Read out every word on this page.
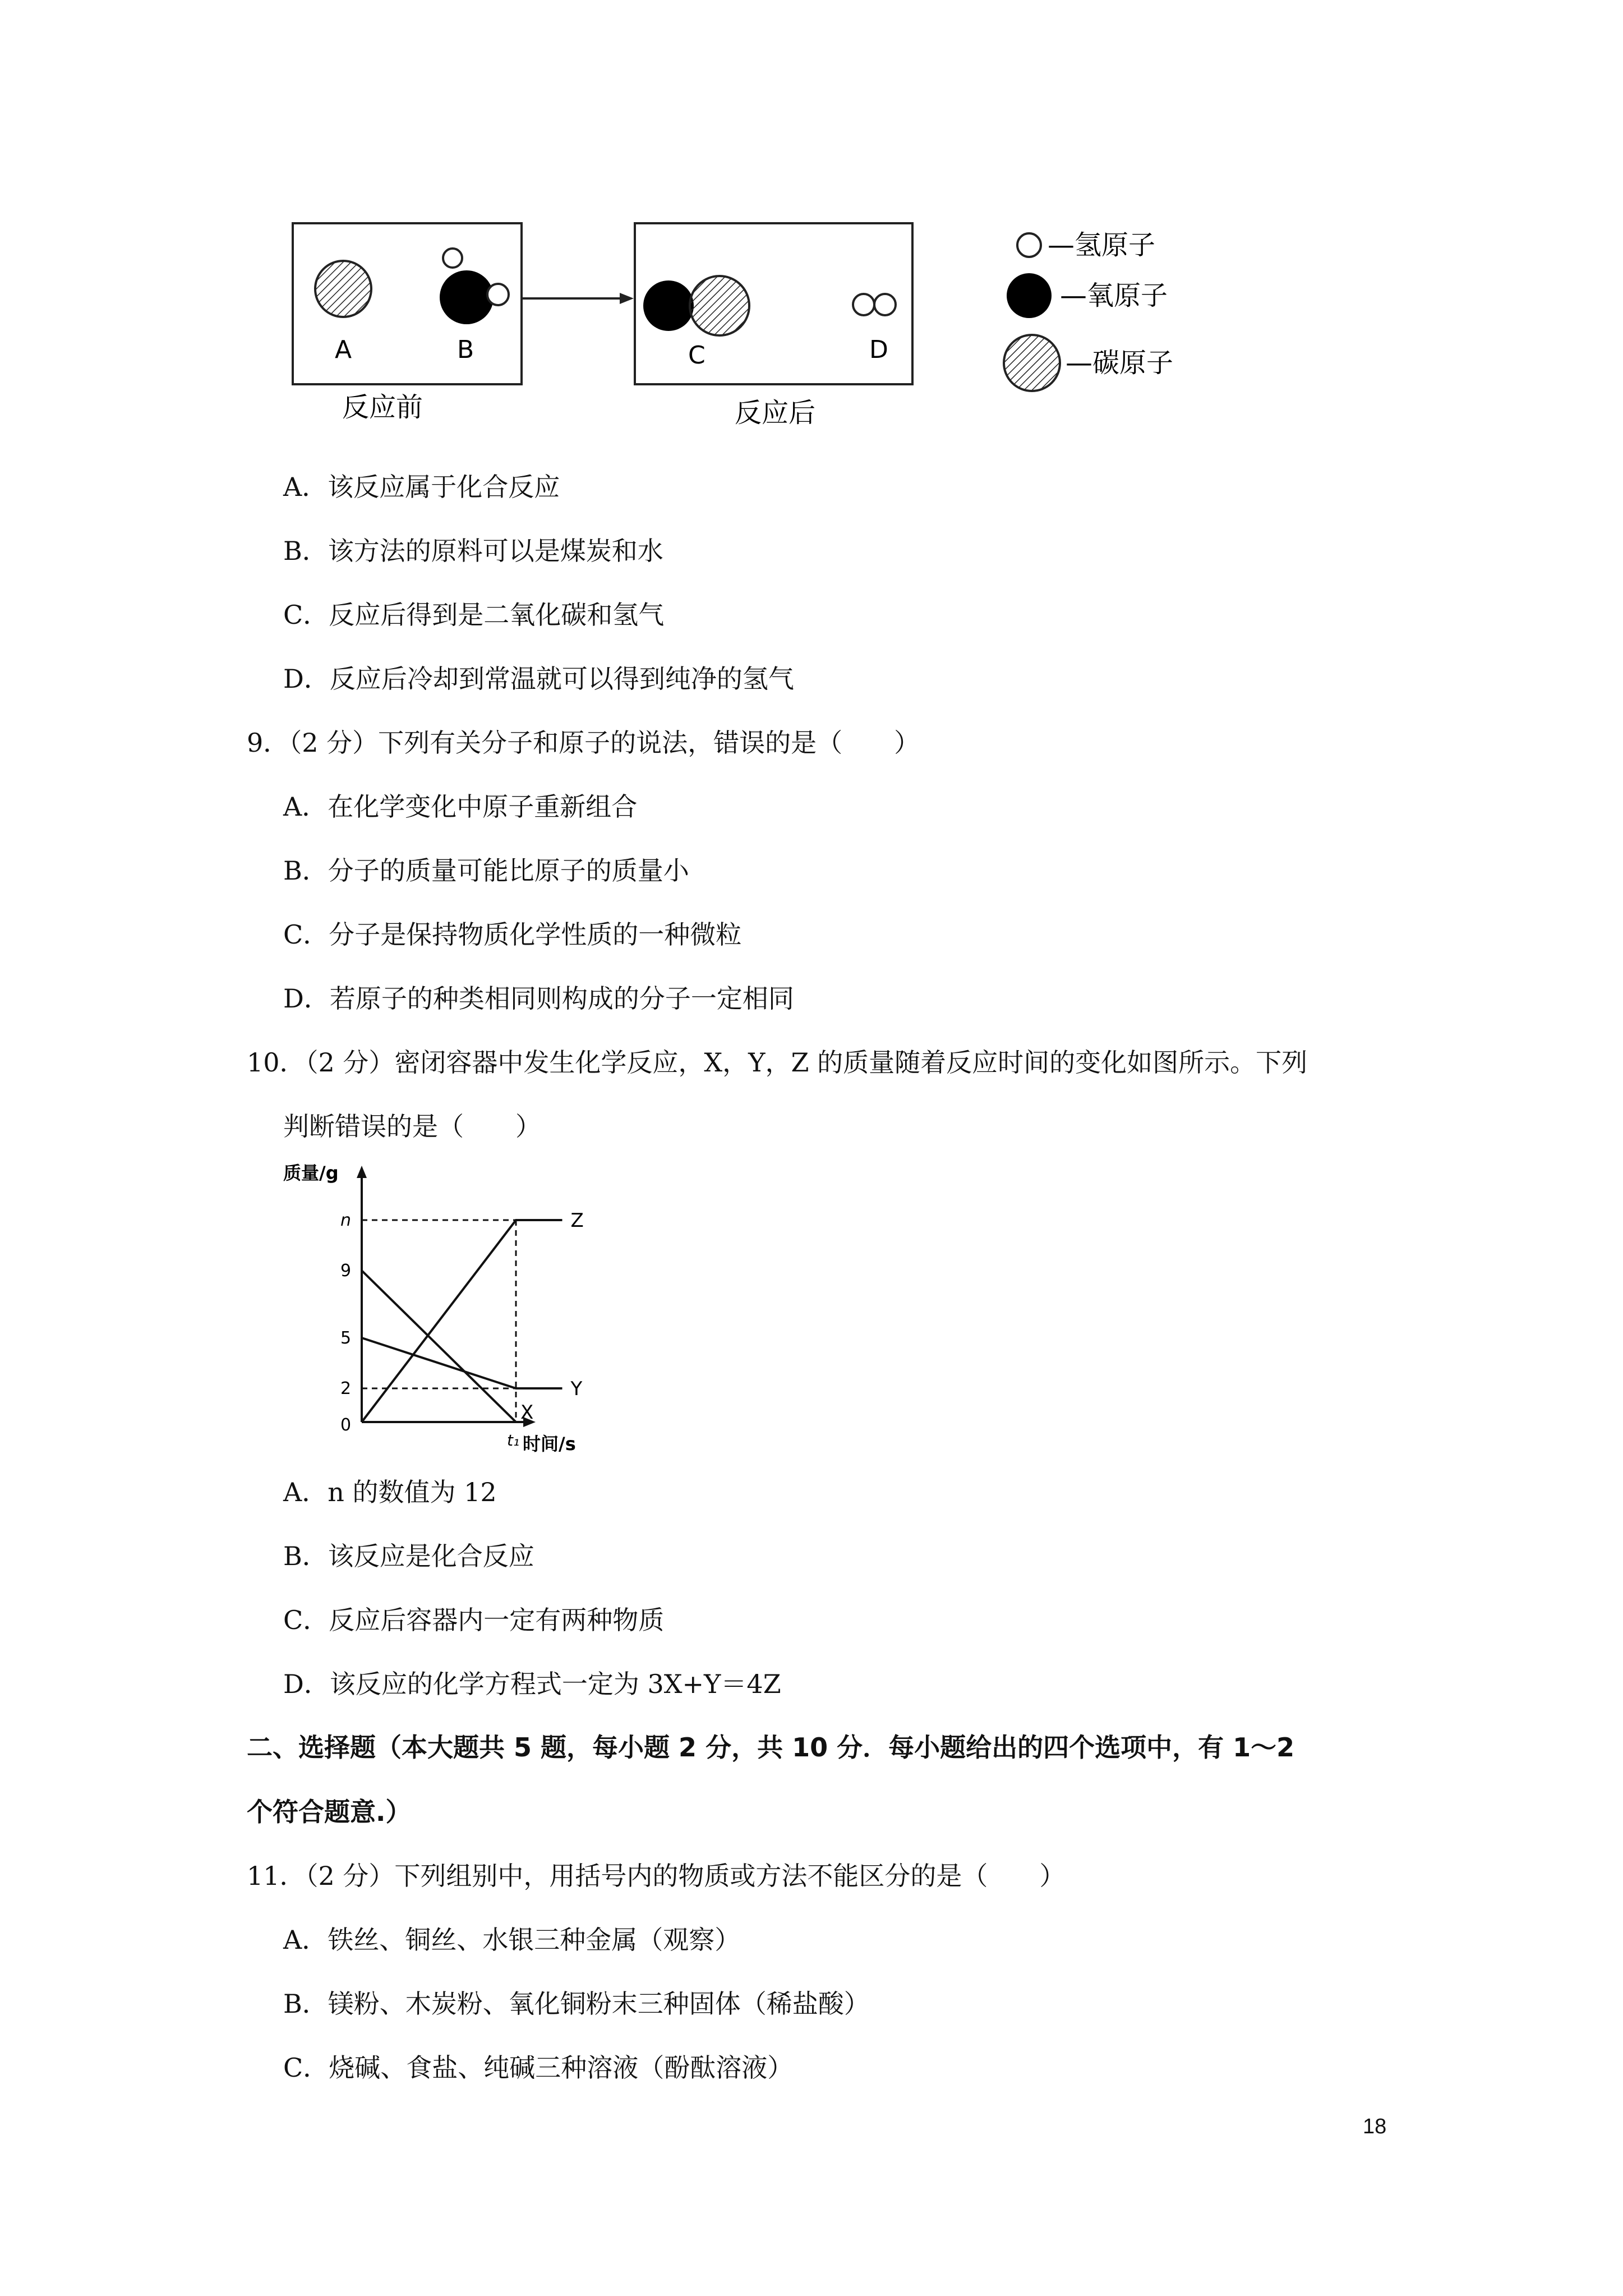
A	B
反应前
C	D
反应后
—氢原子
—氧原子
—碳原子
A．该反应属于化合反应
B．该方法的原料可以是煤炭和水
C．反应后得到是二氧化碳和氢气
D．反应后冷却到常温就可以得到纯净的氢气
9．（2 分）下列有关分子和原子的说法，错误的是（　　）
A．在化学变化中原子重新组合
B．分子的质量可能比原子的质量小
C．分子是保持物质化学性质的一种微粒
D．若原子的种类相同则构成的分子一定相同
10．（2 分）密闭容器中发生化学反应，X，Y，Z 的质量随着反应时间的变化如图所示。下列
判断错误的是（　　）
质量/g
时间/s
2
5
9
n
0
t₁
Z
Y
X
A．n 的数值为 12
B．该反应是化合反应
C．反应后容器内一定有两种物质
D．该反应的化学方程式一定为 3X+Y＝4Z
二、选择题（本大题共 5 题，每小题 2 分，共 10 分．每小题给出的四个选项中，有 1～2
个符合题意.）
11．（2 分）下列组别中，用括号内的物质或方法不能区分的是（　　）
A．铁丝、铜丝、水银三种金属（观察）
B．镁粉、木炭粉、氧化铜粉末三种固体（稀盐酸）
C．烧碱、食盐、纯碱三种溶液（酚酞溶液）
18
